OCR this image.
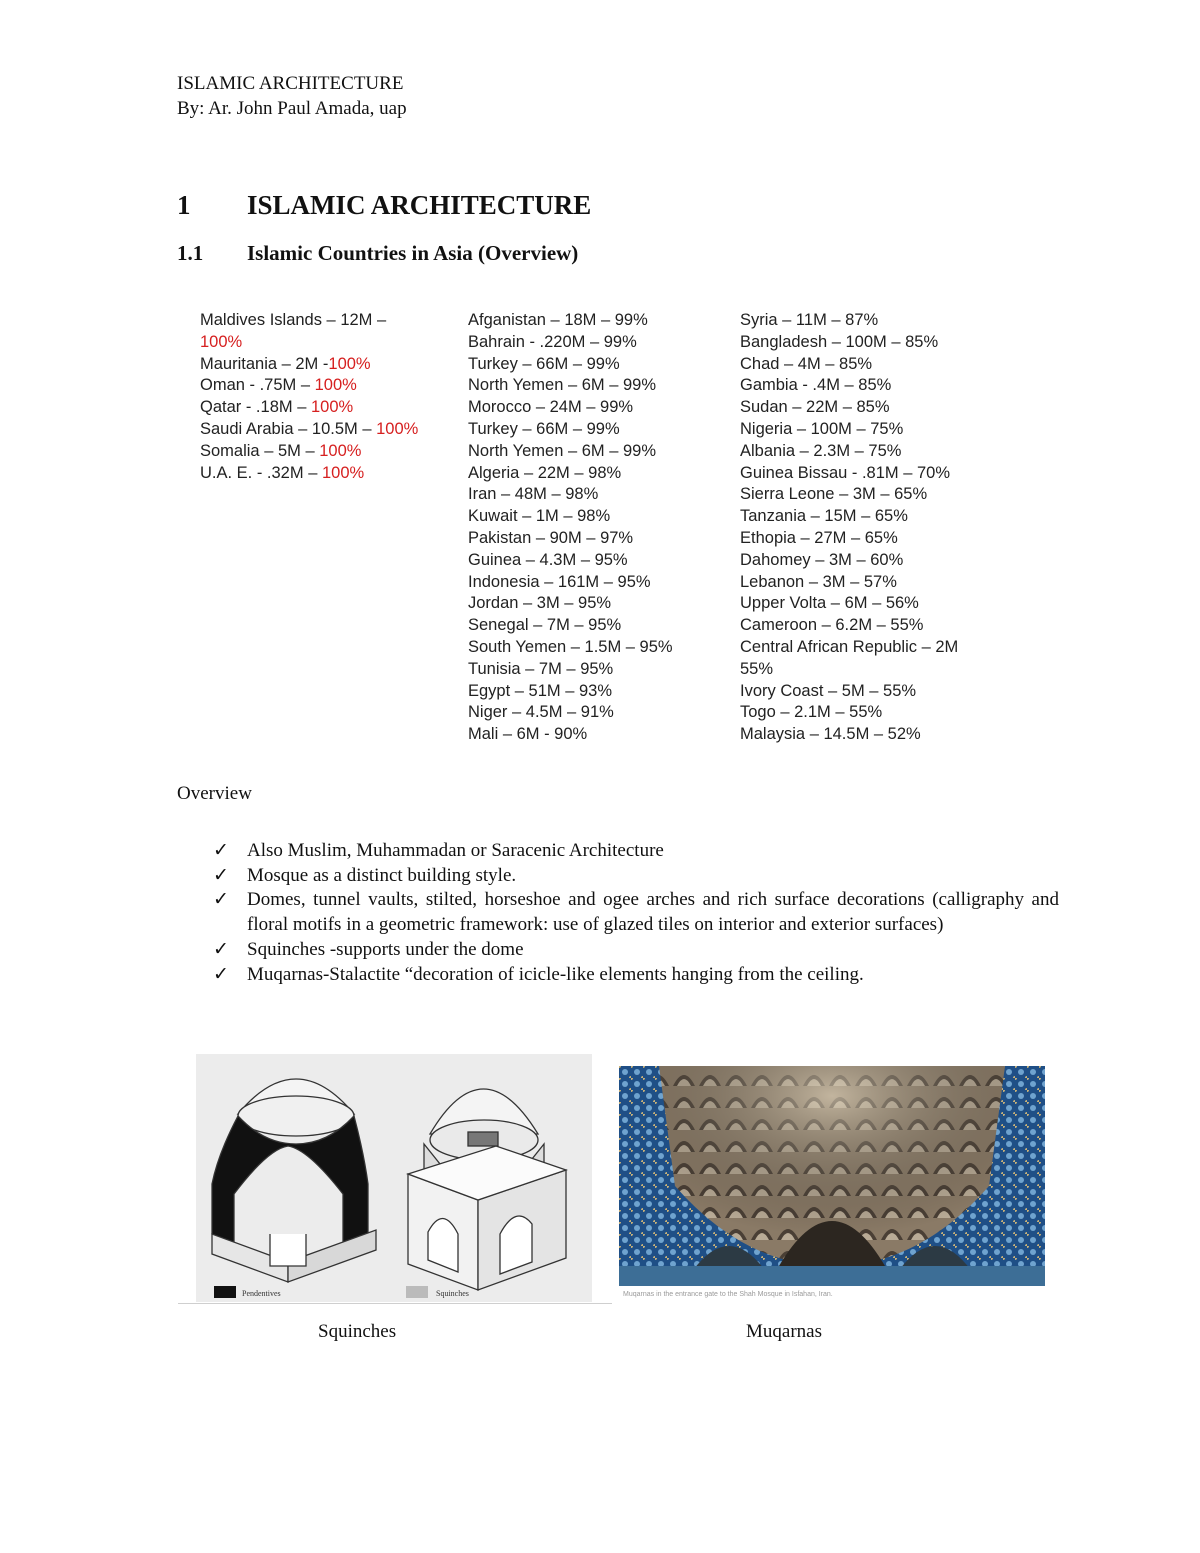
ISLAMIC ARCHITECTURE
By: Ar. John Paul Amada, uap
1 ISLAMIC ARCHITECTURE
1.1 Islamic Countries in Asia (Overview)
Maldives Islands – 12M –
100%
Mauritania – 2M -100%
Oman - .75M – 100%
Qatar - .18M – 100%
Saudi Arabia – 10.5M – 100%
Somalia – 5M – 100%
U.A. E. - .32M – 100%
Afganistan – 18M – 99%
Bahrain - .220M – 99%
Turkey – 66M – 99%
North Yemen – 6M – 99%
Morocco – 24M – 99%
Turkey – 66M – 99%
North Yemen – 6M – 99%
Algeria – 22M – 98%
Iran – 48M – 98%
Kuwait – 1M – 98%
Pakistan – 90M – 97%
Guinea – 4.3M – 95%
Indonesia – 161M – 95%
Jordan – 3M – 95%
Senegal – 7M – 95%
South Yemen – 1.5M – 95%
Tunisia – 7M – 95%
Egypt – 51M – 93%
Niger – 4.5M – 91%
Mali – 6M - 90%
Syria – 11M – 87%
Bangladesh – 100M – 85%
Chad – 4M – 85%
Gambia - .4M – 85%
Sudan – 22M – 85%
Nigeria – 100M – 75%
Albania – 2.3M – 75%
Guinea Bissau - .81M – 70%
Sierra Leone – 3M – 65%
Tanzania – 15M – 65%
Ethopia – 27M – 65%
Dahomey – 3M – 60%
Lebanon – 3M – 57%
Upper Volta – 6M – 56%
Cameroon – 6.2M – 55%
Central African Republic – 2M
55%
Ivory Coast – 5M – 55%
Togo – 2.1M – 55%
Malaysia – 14.5M – 52%
Overview
✓ Also Muslim, Muhammadan or Saracenic Architecture
✓ Mosque as a distinct building style.
✓ Domes, tunnel vaults, stilted, horseshoe and ogee arches and rich surface decorations (calligraphy and floral motifs in a geometric framework: use of glazed tiles on interior and exterior surfaces)
✓ Squinches -supports under the dome
✓ Muqarnas-Stalactite “decoration of icicle-like elements hanging from the ceiling.
Pendentives	Squinches	Muqarnas in the entrance gate to the Shah Mosque in Isfahan, Iran.
Squinches	Muqarnas
